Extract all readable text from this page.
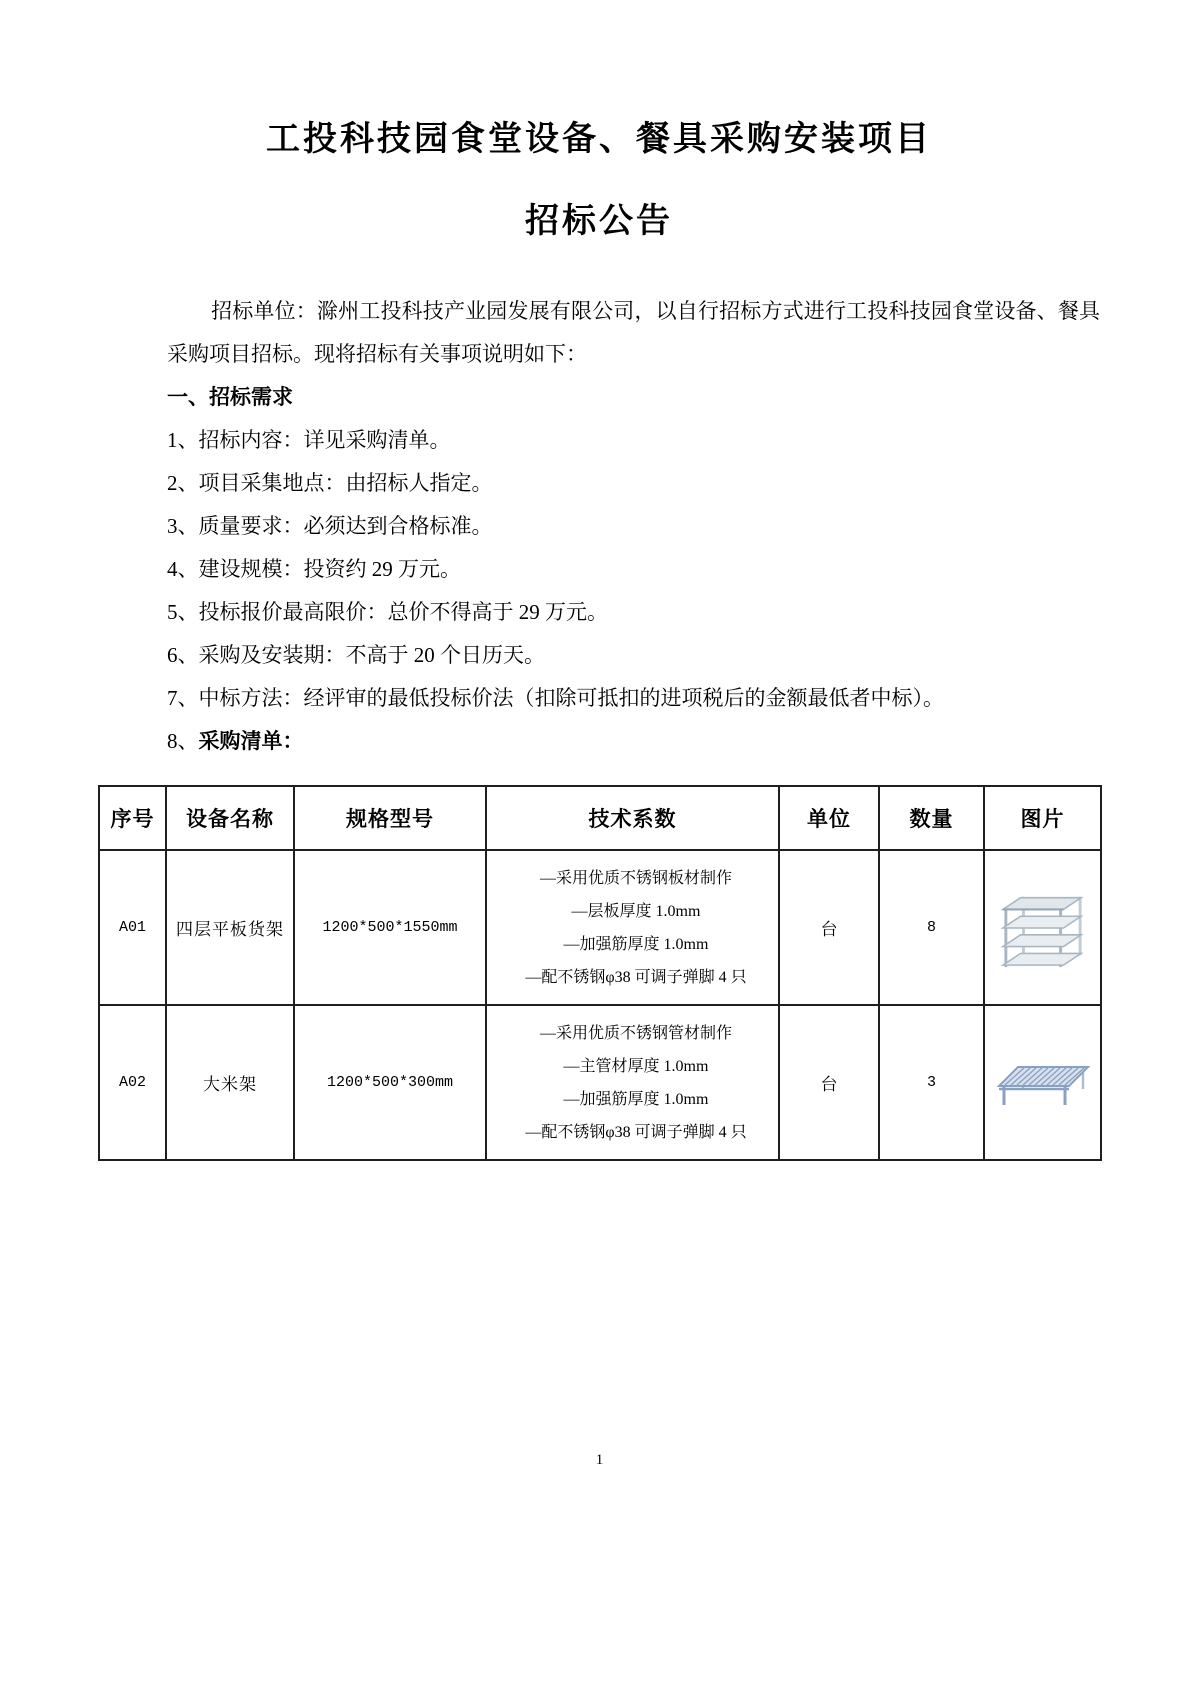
工投科技园食堂设备、餐具采购安装项目
招标公告

招标单位：滁州工投科技产业园发展有限公司，以自行招标方式进行工投科技园食堂设备、餐具采购项目招标。现将招标有关事项说明如下：

一、招标需求

1、招标内容：详见采购清单。

2、项目采集地点：由招标人指定。

3、质量要求：必须达到合格标准。

4、建设规模：投资约 29 万元。

5、投标报价最高限价：总价不得高于 29 万元。

6、采购及安装期：不高于 20 个日历天。

7、中标方法：经评审的最低投标价法（扣除可抵扣的进项税后的金额最低者中标）。

8、采购清单：

序号	设备名称	规格型号	技术系数	单位	数量	图片
A01	四层平板货架	1200*500*1550mm	—采用优质不锈钢板材制作
—层板厚度 1.0mm
—加强筋厚度 1.0mm
—配不锈钢φ38 可调子弹脚 4 只	台	8	

A02	大米架	1200*500*300mm	—采用优质不锈钢管材制作
—主管材厚度 1.0mm
—加强筋厚度 1.0mm
—配不锈钢φ38 可调子弹脚 4 只	台	3	
1
